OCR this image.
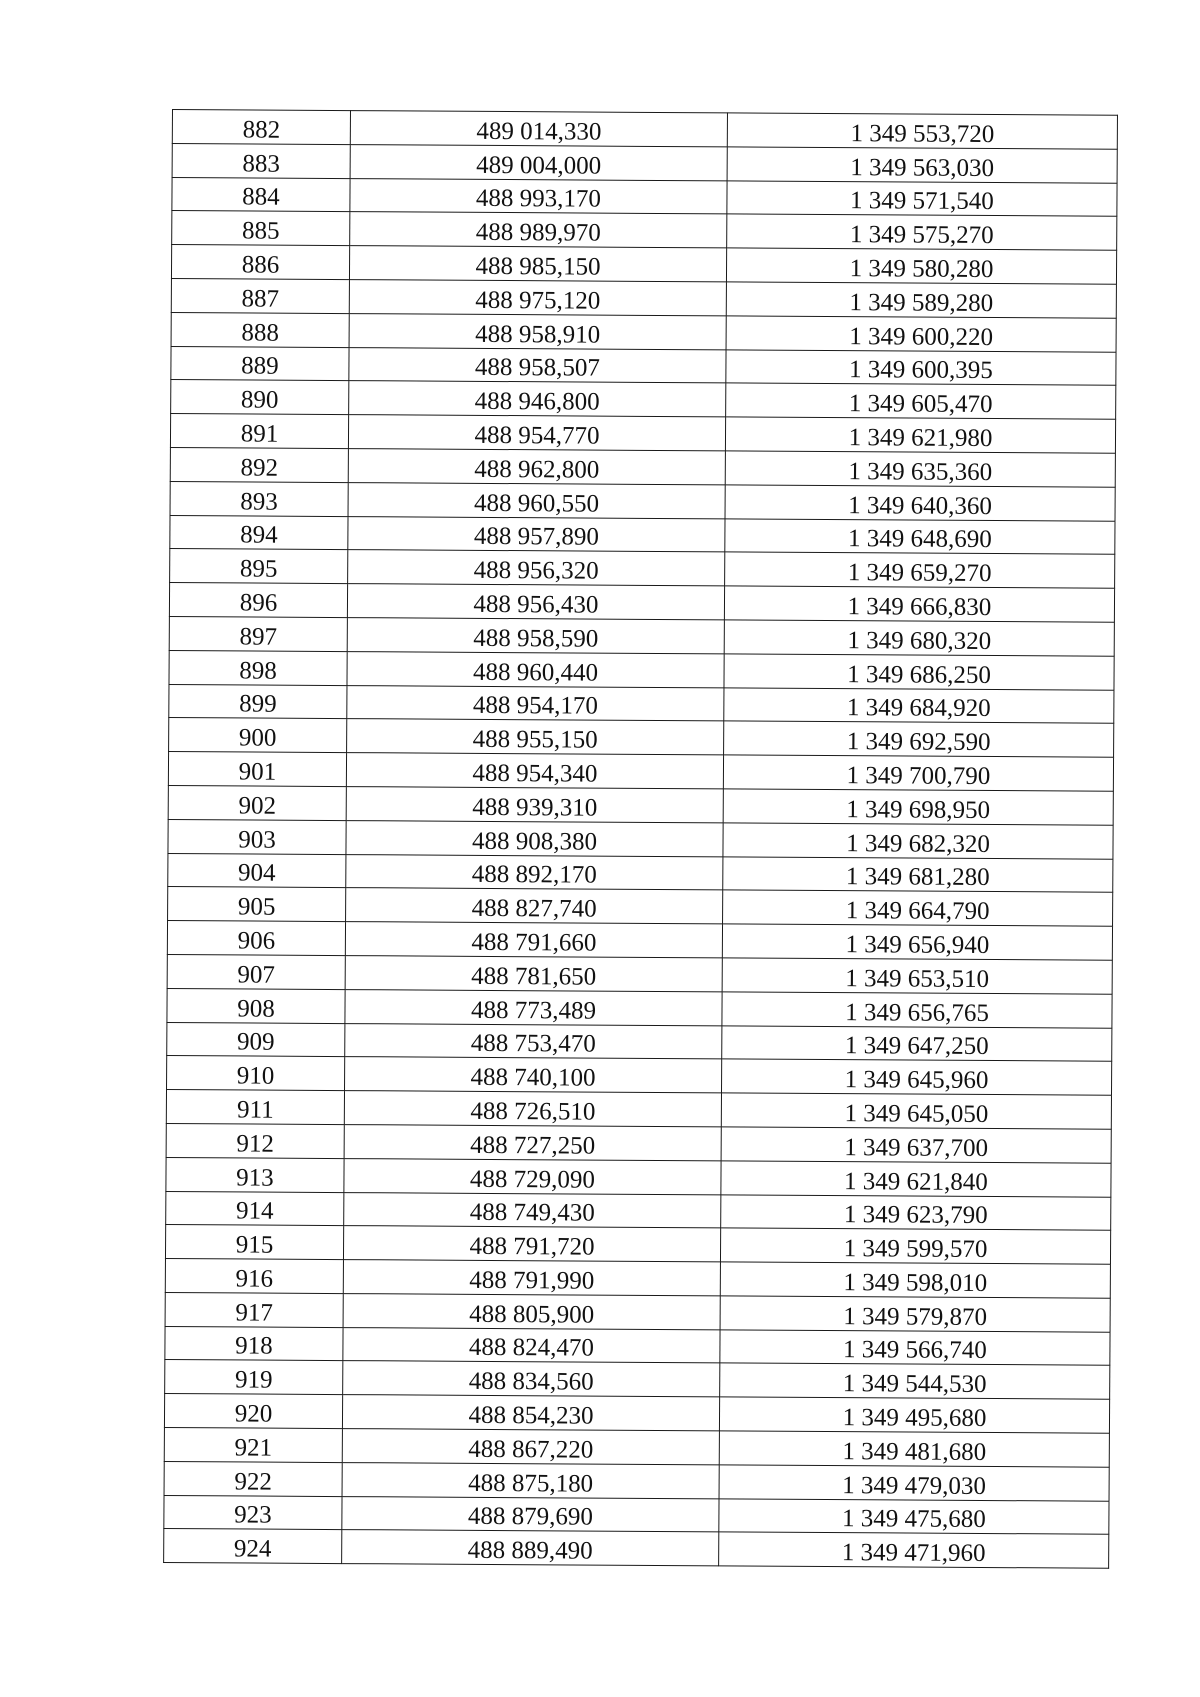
882	489 014,330	1 349 553,720
883	489 004,000	1 349 563,030
884	488 993,170	1 349 571,540
885	488 989,970	1 349 575,270
886	488 985,150	1 349 580,280
887	488 975,120	1 349 589,280
888	488 958,910	1 349 600,220
889	488 958,507	1 349 600,395
890	488 946,800	1 349 605,470
891	488 954,770	1 349 621,980
892	488 962,800	1 349 635,360
893	488 960,550	1 349 640,360
894	488 957,890	1 349 648,690
895	488 956,320	1 349 659,270
896	488 956,430	1 349 666,830
897	488 958,590	1 349 680,320
898	488 960,440	1 349 686,250
899	488 954,170	1 349 684,920
900	488 955,150	1 349 692,590
901	488 954,340	1 349 700,790
902	488 939,310	1 349 698,950
903	488 908,380	1 349 682,320
904	488 892,170	1 349 681,280
905	488 827,740	1 349 664,790
906	488 791,660	1 349 656,940
907	488 781,650	1 349 653,510
908	488 773,489	1 349 656,765
909	488 753,470	1 349 647,250
910	488 740,100	1 349 645,960
911	488 726,510	1 349 645,050
912	488 727,250	1 349 637,700
913	488 729,090	1 349 621,840
914	488 749,430	1 349 623,790
915	488 791,720	1 349 599,570
916	488 791,990	1 349 598,010
917	488 805,900	1 349 579,870
918	488 824,470	1 349 566,740
919	488 834,560	1 349 544,530
920	488 854,230	1 349 495,680
921	488 867,220	1 349 481,680
922	488 875,180	1 349 479,030
923	488 879,690	1 349 475,680
924	488 889,490	1 349 471,960
